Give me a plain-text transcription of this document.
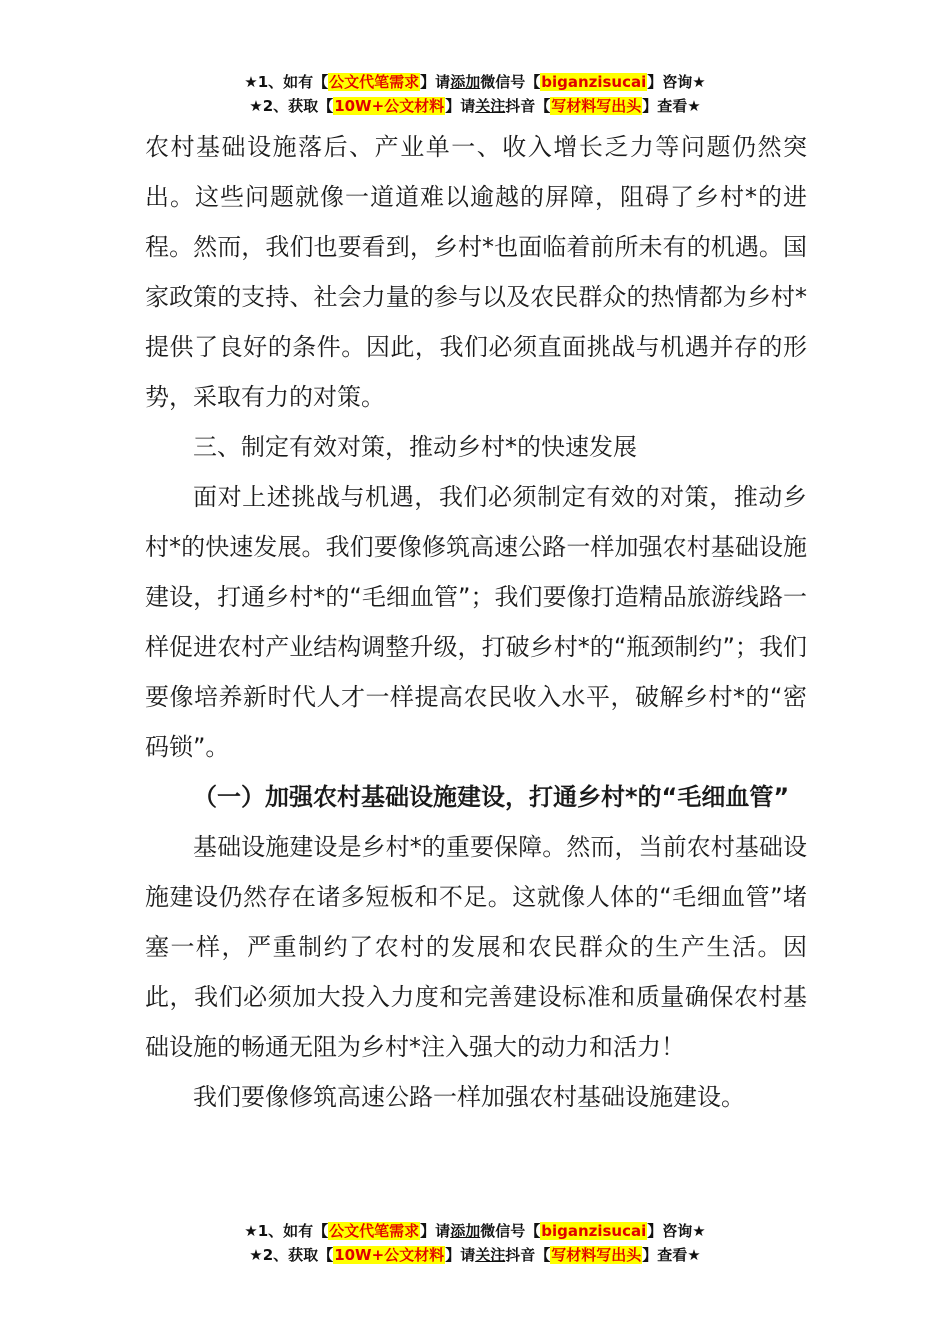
★1、如有【公文代笔需求】请添加微信号【biganzisucai】咨询★
★2、获取【10W+公文材料】请关注抖音【写材料写出头】查看★

农村基础设施落后、产业单一、收入增长乏力等问题仍然突出。这些问题就像一道道难以逾越的屏障，阻碍了乡村*的进程。然而，我们也要看到，乡村*也面临着前所未有的机遇。国家政策的支持、社会力量的参与以及农民群众的热情都为乡村*提供了良好的条件。因此，我们必须直面挑战与机遇并存的形势，采取有力的对策。

三、制定有效对策，推动乡村*的快速发展

面对上述挑战与机遇，我们必须制定有效的对策，推动乡村*的快速发展。我们要像修筑高速公路一样加强农村基础设施建设，打通乡村*的“毛细血管”；我们要像打造精品旅游线路一样促进农村产业结构调整升级，打破乡村*的“瓶颈制约”；我们要像培养新时代人才一样提高农民收入水平，破解乡村*的“密码锁”。

（一）加强农村基础设施建设，打通乡村*的“毛细血管”

基础设施建设是乡村*的重要保障。然而，当前农村基础设施建设仍然存在诸多短板和不足。这就像人体的“毛细血管”堵塞一样，严重制约了农村的发展和农民群众的生产生活。因此，我们必须加大投入力度和完善建设标准和质量确保农村基础设施的畅通无阻为乡村*注入强大的动力和活力！

我们要像修筑高速公路一样加强农村基础设施建设。

★1、如有【公文代笔需求】请添加微信号【biganzisucai】咨询★
★2、获取【10W+公文材料】请关注抖音【写材料写出头】查看★
